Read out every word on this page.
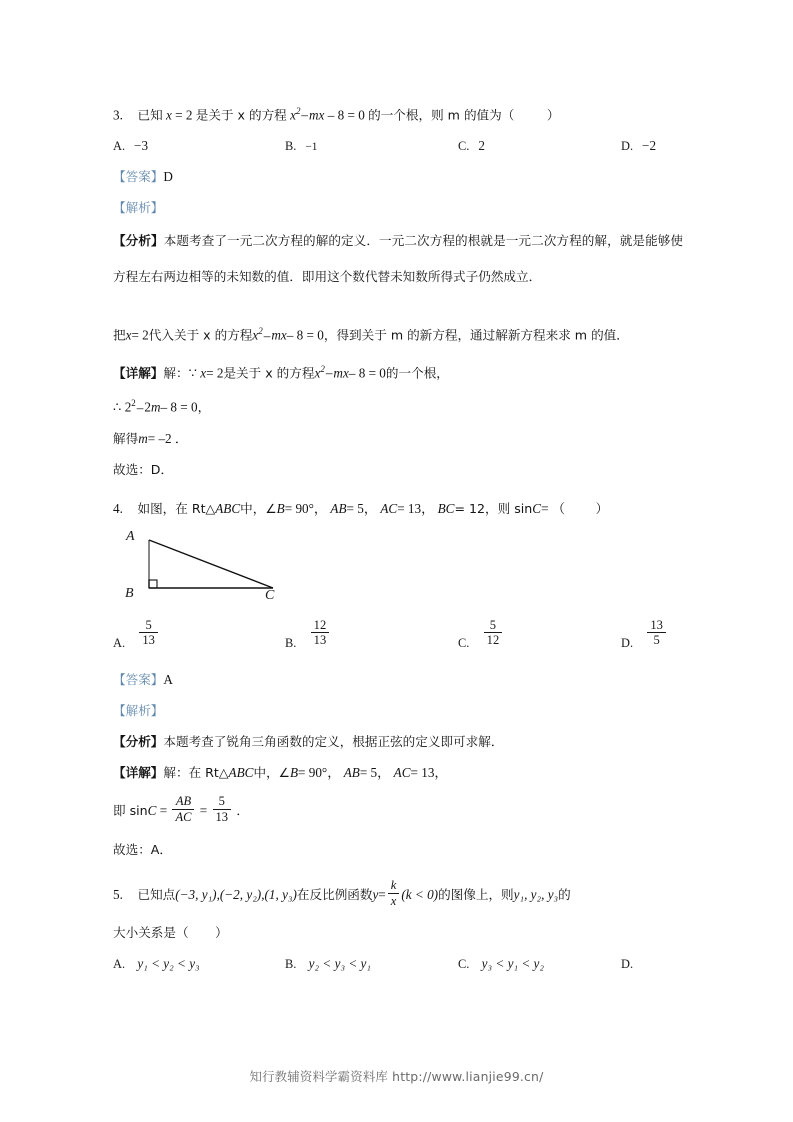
3. 已知 x = 2 是关于 x 的方程 $x^2-mx - 8 = 0$ 的一个根，则 m 的值为（	）
A. −3	B. −1	C. 2	D. −2
【答案】D
【解析】
【分析】本题考查了一元二次方程的解的定义．一元二次方程的根就是一元二次方程的解，就是能够使方程左右两边相等的未知数的值．即用这个数代替未知数所得式子仍然成立．
把x= 2代入关于 x 的方程$x^2-mx-$ 8 = 0，得到关于 m 的新方程，通过解新方程来求 m 的值．
【详解】解：∵ x= 2是关于 x 的方程$x^2-mx-$ 8 = 0的一个根，
∴ $2^2-2m-$ 8 = 0，
解得m= –2 ．
故选：D．
4. 如图，在 Rt△ABC中，∠B= 90°， AB= 5， AC= 13， BC= 12，则 sinC= （ ）
A
B	C
A. $\frac{5}{13}$	B. $\frac{12}{13}$	C. $\frac{5}{12}$	D. $\frac{13}{5}$
【答案】A
【解析】
【分析】本题考查了锐角三角函数的定义，根据正弦的定义即可求解．
【详解】解：在 Rt△ABC中，∠B= 90°， AB= 5， AC= 13，
即 $\sin C = \frac{AB}{AC} = \frac{5}{13}$ ．
故选：A．
5. 已知点(−3, y₁),(−2, y₂),(1, y₃)在反比例函数$y= \frac{k}{x} (k < 0)$的图像上，则y₁, y₂, y₃的
大小关系是（ ）
A. y₁ < y₂ < y₃	B. y₂ < y₃ < y₁	C. y₃ < y₁ < y₂	D.
知行教辅资料学霸资料库 http://www.lianjie99.cn/
